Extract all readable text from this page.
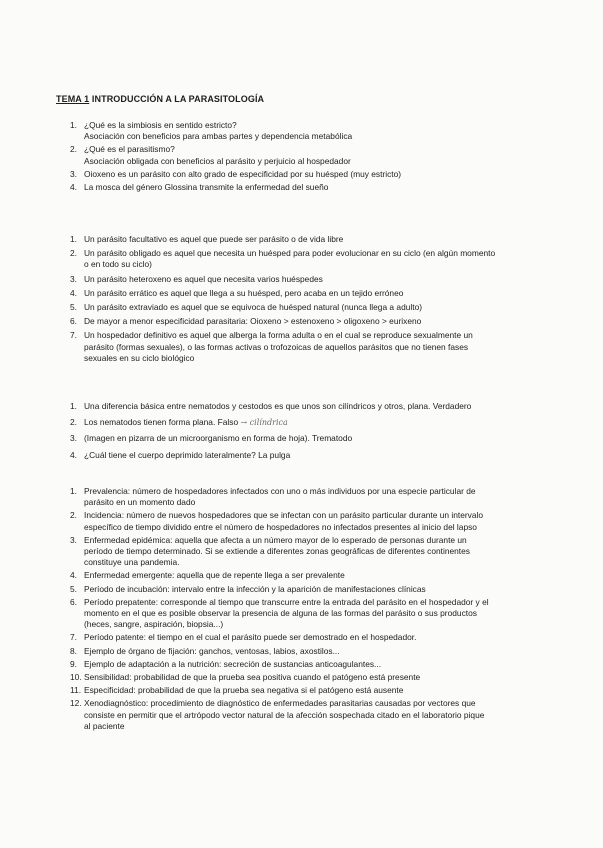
TEMA 1 INTRODUCCIÓN A LA PARASITOLOGÍA
1. ¿Qué es la simbiosis en sentido estricto?
Asociación con beneficios para ambas partes y dependencia metabólica
2. ¿Qué es el parasitismo?
Asociación obligada con beneficios al parásito y perjuicio al hospedador
3. Oioxeno es un parásito con alto grado de especificidad por su huésped (muy estricto)
4. La mosca del género Glossina transmite la enfermedad del sueño
1. Un parásito facultativo es aquel que puede ser parásito o de vida libre
2. Un parásito obligado es aquel que necesita un huésped para poder evolucionar en su ciclo (en algún momento
o en todo su ciclo)
3. Un parásito heteroxeno es aquel que necesita varios huéspedes
4. Un parásito errático es aquel que llega a su huésped, pero acaba en un tejido erróneo
5. Un parásito extraviado es aquel que se equivoca de huésped natural (nunca llega a adulto)
6. De mayor a menor especificidad parasitaria: Oioxeno > estenoxeno > oligoxeno > eurixeno
7. Un hospedador definitivo es aquel que alberga la forma adulta o en el cual se reproduce sexualmente un
parásito (formas sexuales), o las formas activas o trofozoicas de aquellos parásitos que no tienen fases
sexuales en su ciclo biológico
1. Una diferencia básica entre nematodos y cestodos es que unos son cilíndricos y otros, plana. Verdadero
2. Los nematodos tienen forma plana. Falso → cilíndrica
3. (Imagen en pizarra de un microorganismo en forma de hoja). Trematodo
4. ¿Cuál tiene el cuerpo deprimido lateralmente? La pulga
1. Prevalencia: número de hospedadores infectados con uno o más individuos por una especie particular de
parásito en un momento dado
2. Incidencia: número de nuevos hospedadores que se infectan con un parásito particular durante un intervalo
específico de tiempo dividido entre el número de hospedadores no infectados presentes al inicio del lapso
3. Enfermedad epidémica: aquella que afecta a un número mayor de lo esperado de personas durante un
período de tiempo determinado. Si se extiende a diferentes zonas geográficas de diferentes continentes
constituye una pandemia.
4. Enfermedad emergente: aquella que de repente llega a ser prevalente
5. Período de incubación: intervalo entre la infección y la aparición de manifestaciones clínicas
6. Período prepatente: corresponde al tiempo que transcurre entre la entrada del parásito en el hospedador y el
momento en el que es posible observar la presencia de alguna de las formas del parásito o sus productos
(heces, sangre, aspiración, biopsia...)
7. Período patente: el tiempo en el cual el parásito puede ser demostrado en el hospedador.
8. Ejemplo de órgano de fijación: ganchos, ventosas, labios, axostilos...
9. Ejemplo de adaptación a la nutrición: secreción de sustancias anticoagulantes...
10. Sensibilidad: probabilidad de que la prueba sea positiva cuando el patógeno está presente
11. Especificidad: probabilidad de que la prueba sea negativa si el patógeno está ausente
12. Xenodiagnóstico: procedimiento de diagnóstico de enfermedades parasitarias causadas por vectores que
consiste en permitir que el artrópodo vector natural de la afección sospechada citado en el laboratorio pique
al paciente
